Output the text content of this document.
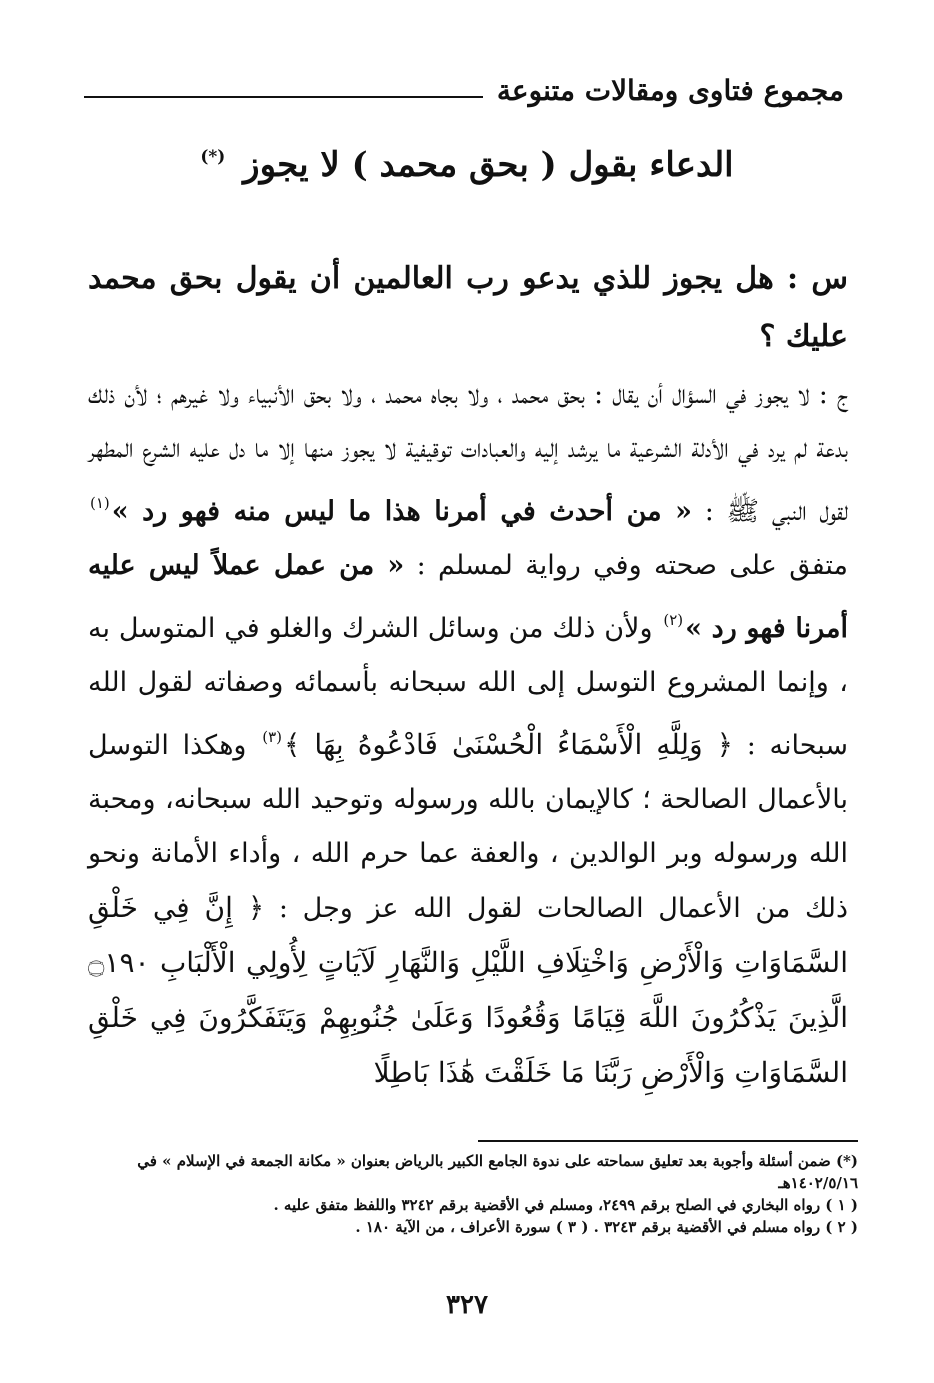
مجموع فتاوى ومقالات متنوعة
الدعاء بقول ( بحق محمد ) لا يجوز (*)

س : هل يجوز للذي يدعو رب العالمين أن يقول بحق محمد عليك ؟

ج : لا يجوز في السؤال أن يقال : بحق محمد ، ولا بجاه محمد ، ولا بحق الأنبياء ولا غيرهم ؛ لأن ذلك بدعة لم يرد في الأدلة الشرعية ما يرشد إليه والعبادات توقيفية لا يجوز منها إلا ما دل عليه الشرع المطهر لقول النبي ﷺ : « من أحدث في أمرنا هذا ما ليس منه فهو رد »$^{(١)}$ متفق على صحته وفي رواية لمسلم : « من عمل عملاً ليس عليه أمرنا فهو رد »$^{(٢)}$ ولأن ذلك من وسائل الشرك والغلو في المتوسل به ، وإنما المشروع التوسل إلى الله سبحانه بأسمائه وصفاته لقول الله سبحانه : ﴿ وَلِلَّهِ الْأَسْمَاءُ الْحُسْنَىٰ فَادْعُوهُ بِهَا ﴾$^{(٣)}$ وهكذا التوسل بالأعمال الصالحة ؛ كالإيمان بالله ورسوله وتوحيد الله سبحانه، ومحبة الله ورسوله وبر الوالدين ، والعفة عما حرم الله ، وأداء الأمانة ونحو ذلك من الأعمال الصالحات لقول الله عز وجل : ﴿ إِنَّ فِي خَلْقِ السَّمَاوَاتِ وَالْأَرْضِ وَاخْتِلَافِ اللَّيْلِ وَالنَّهَارِ لَآيَاتٍ لِأُولِي الْأَلْبَابِ ۝١٩٠ الَّذِينَ يَذْكُرُونَ اللَّهَ قِيَامًا وَقُعُودًا وَعَلَىٰ جُنُوبِهِمْ وَيَتَفَكَّرُونَ فِي خَلْقِ السَّمَاوَاتِ وَالْأَرْضِ رَبَّنَا مَا خَلَقْتَ هَٰذَا بَاطِلًا

(*) ضمن أسئلة وأجوبة بعد تعليق سماحته على ندوة الجامع الكبير بالرياض بعنوان « مكانة الجمعة في الإسلام » في ١٤٠٢/٥/١٦هـ

( ١ ) رواه البخاري في الصلح برقم ٢٤٩٩، ومسلم في الأقضية برقم ٣٢٤٢ واللفظ متفق عليه .

( ٢ ) رواه مسلم في الأقضية برقم ٣٢٤٣ . ( ٣ ) سورة الأعراف ، من الآية ١٨٠ .

٣٢٧
